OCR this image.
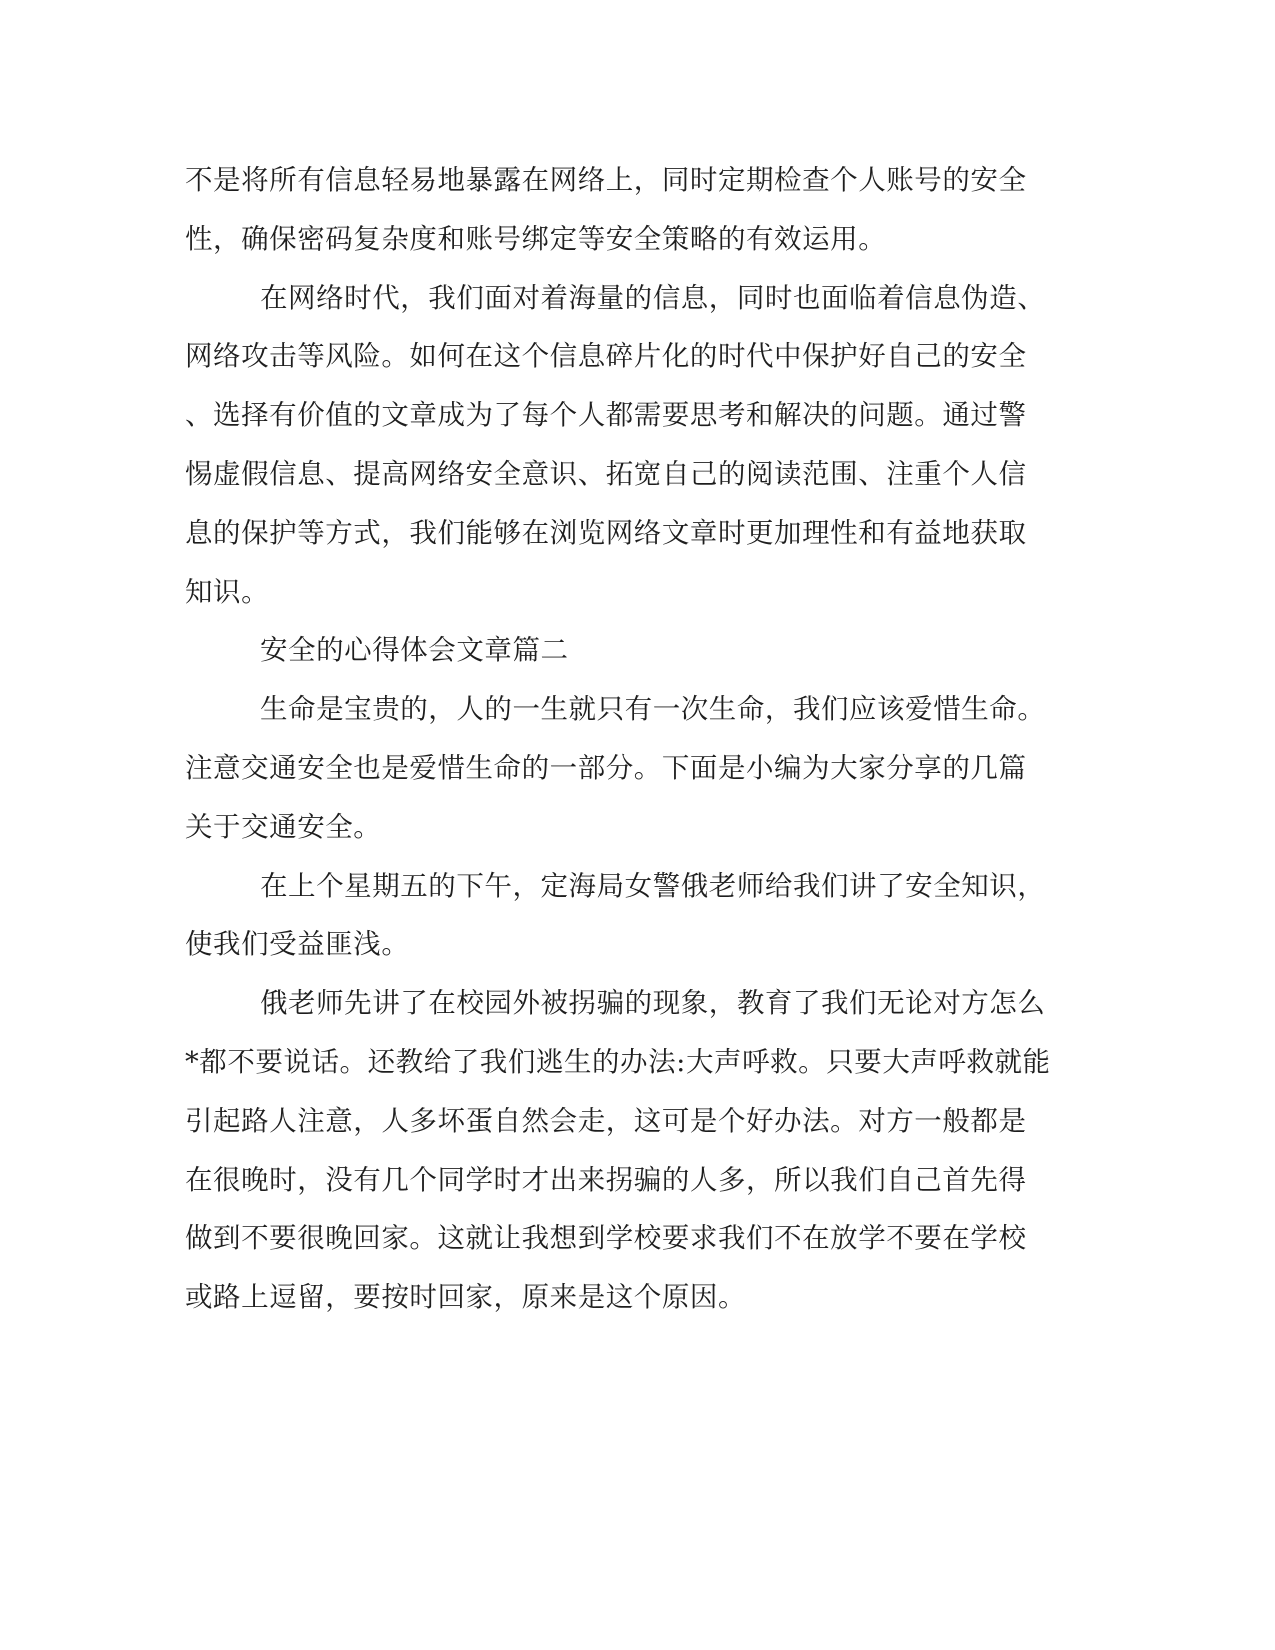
不是将所有信息轻易地暴露在网络上，同时定期检查个人账号的安全

性，确保密码复杂度和账号绑定等安全策略的有效运用。

在网络时代，我们面对着海量的信息，同时也面临着信息伪造、

网络攻击等风险。如何在这个信息碎片化的时代中保护好自己的安全

、选择有价值的文章成为了每个人都需要思考和解决的问题。通过警

惕虚假信息、提高网络安全意识、拓宽自己的阅读范围、注重个人信

息的保护等方式，我们能够在浏览网络文章时更加理性和有益地获取

知识。

安全的心得体会文章篇二

生命是宝贵的，人的一生就只有一次生命，我们应该爱惜生命。

注意交通安全也是爱惜生命的一部分。下面是小编为大家分享的几篇

关于交通安全。

在上个星期五的下午，定海局女警俄老师给我们讲了安全知识，

使我们受益匪浅。

俄老师先讲了在校园外被拐骗的现象，教育了我们无论对方怎么

*都不要说话。还教给了我们逃生的办法:大声呼救。只要大声呼救就能

引起路人注意，人多坏蛋自然会走，这可是个好办法。对方一般都是

在很晚时，没有几个同学时才出来拐骗的人多，所以我们自己首先得

做到不要很晚回家。这就让我想到学校要求我们不在放学不要在学校

或路上逗留，要按时回家，原来是这个原因。
